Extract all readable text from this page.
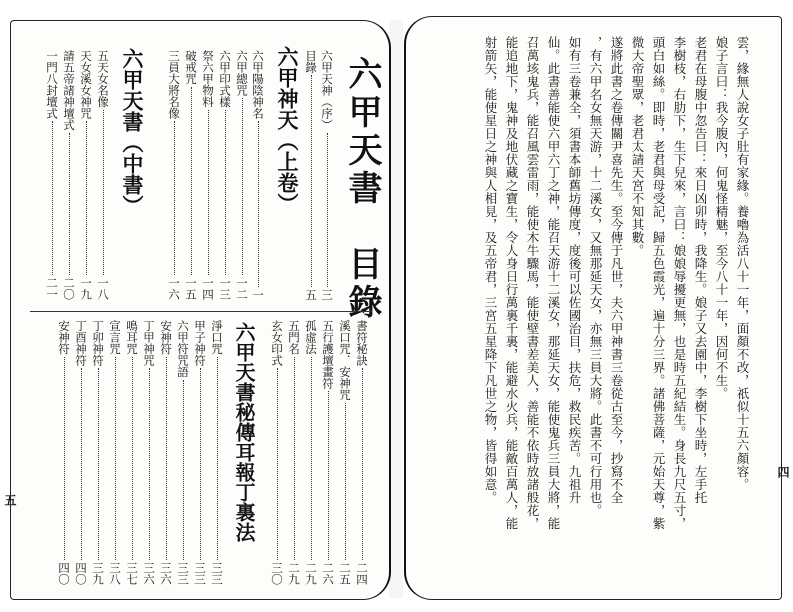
五
六甲天書　目錄
六甲天神（序）
三
目錄
五
六甲神天（上卷）
六甲陽陰神名
一
六甲總咒
一二
六甲印式樣
一三
祭六甲物料
一四
破戒咒
一五
三員大將名像
一六
六甲天書（中書）
五天女名像
一八
天女溪女神咒
一九
請五帝諸神壇式
二〇
一門八封壇式
二一
六甲天書秘傳耳報丁裏法	書符秘訣
二四
溪口咒．安神咒
二五
五行護壇畫符
二六
孤虛法
二九
五門名
二九
玄女印式
三〇
淨口咒
三三
甲子神符
三三
六甲符咒語
三三
安神符
三六
丁甲神咒
三六
鳴耳咒
三七
宣言咒
三八
丁卯神符
三九
丁酉神符
四〇
安神符
四〇
四
雲，緣無人說女子肚有家緣。養嚕為活八十一年，面顏不改，祇似十五六顏容。
娘子言曰：我今腹內，何鬼怪精魅，至今八十一年，因何不生。
老君在母腹中忽告曰：來日凶卯時，我降生。娘子又去園中，李樹下坐時，左手托
李樹枝，右肋下，生下兒來，言曰：娘娘辱擾更無，也是時五紀結生。身長九尺五寸，
頭白如絲。即時，老君與母受記，歸五色霞光，遍十分三界。諸佛菩薩，元始天尊，紫
微大帝聖眾，老君太請天宮不知其數。
遂將此書之卷傳關尹喜先生。至今傳于凡世，夫六甲神書三卷從古至今，抄寫不全
，有六甲名女無天游，十二溪女，又無那延天女，亦無三員大將。此書不可行用也。
如有三卷兼全，須書本師舊坊傳度，度後可以佐國治目，扶危，救民疾苦。九祖升
仙。此書善能使六甲六丁之神，能召天游十二溪女，那延天女，能使鬼兵三員大將，能
召萬垓鬼兵，能召風雲雷雨，能使木牛驟馬，能使壁書差美人，善能不依時放諸般花，
能追地下，鬼神及地伏藏之寶生，令人身日行萬裏千裏，能避水火兵，能敵百萬人，能
射箭矢，能使星日之神與人相見，及五帝君，三宮五星降下凡世之物，皆得如意。
